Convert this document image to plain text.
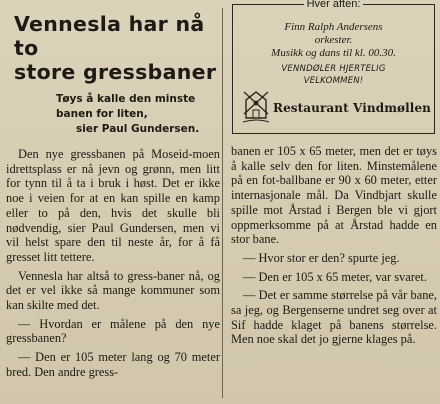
Vennesla har nå to
store gressbaner
Tøys å kalle den minste
banen for liten,
sier Paul Gundersen.

Den nye gressbanen på Moseid-moen idrettsplass er nå jevn og grønn, men litt for tynn til å ta i bruk i høst. Det er ikke noe i veien for at en kan spille en kamp eller to på den, hvis det skulle bli nødvendig, sier Paul Gundersen, men vi vil helst spare den til neste år, for å få gresset litt tettere.

Vennesla har altså to gress-baner nå, og det er vel ikke så mange kommuner som kan skilte med det.

— Hvordan er målene på den nye gressbanen?

— Den er 105 meter lang og 70 meter bred. Den andre gress-

Hver aften:
Finn Ralph Andersens
orkester.
Musikk og dans til kl. 00.30.
VENNDØLER HJERTELIG
VELKOMMEN!
Restaurant Vindmøllen

banen er 105 x 65 meter, men det er tøys å kalle selv den for liten. Minstemålene på en fot-ballbane er 90 x 60 meter, etter internasjonale mål. Da Vindbjart skulle spille mot Årstad i Bergen ble vi gjort oppmerksomme på at Årstad hadde en stor bane.

— Hvor stor er den? spurte jeg.

— Den er 105 x 65 meter, var svaret.

— Det er samme størrelse på vår bane, sa jeg, og Bergenserne undret seg over at Sif hadde klaget på banens størrelse. Men noe skal det jo gjerne klages på.
